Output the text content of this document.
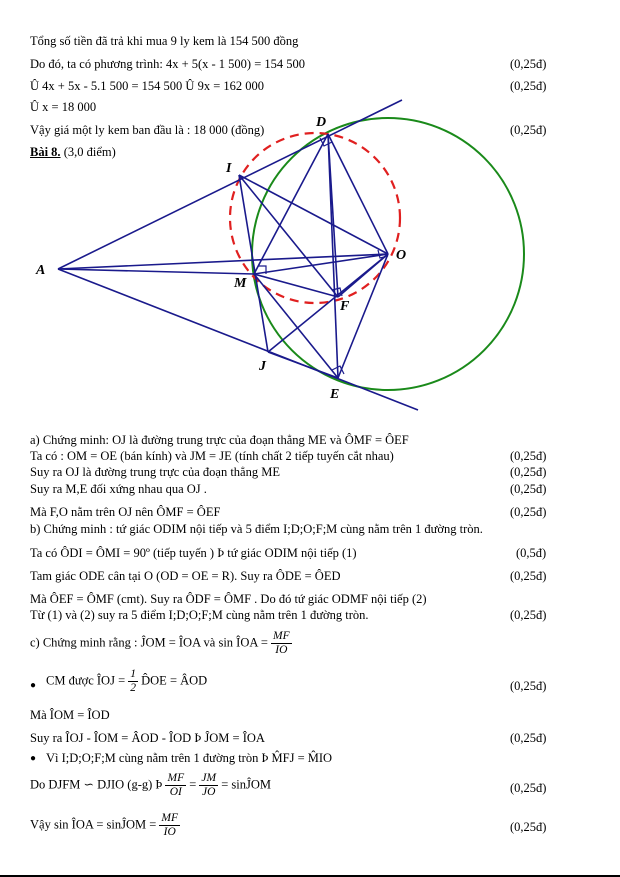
Tổng số tiền đã trả khi mua 9 ly kem là 154 500 đồng
Do đó, ta có phương trình: 4x + 5(x - 1 500) = 154 500	(0,25đ)
Û 4x + 5x - 5.1 500 = 154 500 Û 9x = 162 000	(0,25đ)
Û x = 18 000
Vậy giá một ly kem ban đầu là : 18 000 (đồng)	(0,25đ)
Bài 8. (3,0 điểm)
A
D
I
O
M
F
J
E
a) Chứng minh: OJ là đường trung trực của đoạn thẳng ME và ÔMF = ÔEF
Ta có : OM = OE (bán kính) và JM = JE (tính chất 2 tiếp tuyến cắt nhau)	(0,25đ)
Suy ra OJ là đường trung trực của đoạn thẳng ME	(0,25đ)
Suy ra M,E đối xứng nhau qua OJ .	(0,25đ)
Mà F,O nằm trên OJ nên ÔMF = ÔEF	(0,25đ)
b) Chứng minh : tứ giác ODIM nội tiếp và 5 điểm I;D;O;F;M cùng nằm trên 1 đường tròn.
Ta có ÔDI = ÔMI = 90º (tiếp tuyến ) Þ tứ giác ODIM nội tiếp (1)	(0,5đ)
Tam giác ODE cân tại O (OD = OE = R). Suy ra ÔDE = ÔED	(0,25đ)
Mà ÔEF = ÔMF (cmt). Suy ra ÔDF = ÔMF . Do đó tứ giác ODMF nội tiếp (2)
Từ (1) và (2) suy ra 5 điểm I;D;O;F;M cùng nằm trên 1 đường tròn.	(0,25đ)
c) Chứng minh rằng : ĴOM = ÎOA và sin ÎOA = $\frac{MF}{IO}$
● CM được ÎOJ = $\frac{1}{2}$ D̂OE = ÂOD	(0,25đ)
Mà ÎOM = ÎOD
Suy ra ÎOJ - ÎOM = ÂOD - ÎOD Þ ĴOM = ÎOA	(0,25đ)
● Vì I;D;O;F;M cùng nằm trên 1 đường tròn Þ M̂FJ = M̂IO
Do DJFM ∽ DJIO (g-g) Þ $\frac{MF}{OI} = \frac{JM}{JO}$ = sinĴOM	(0,25đ)
Vậy sin ÎOA = sinĴOM = $\frac{MF}{IO}$	(0,25đ)
